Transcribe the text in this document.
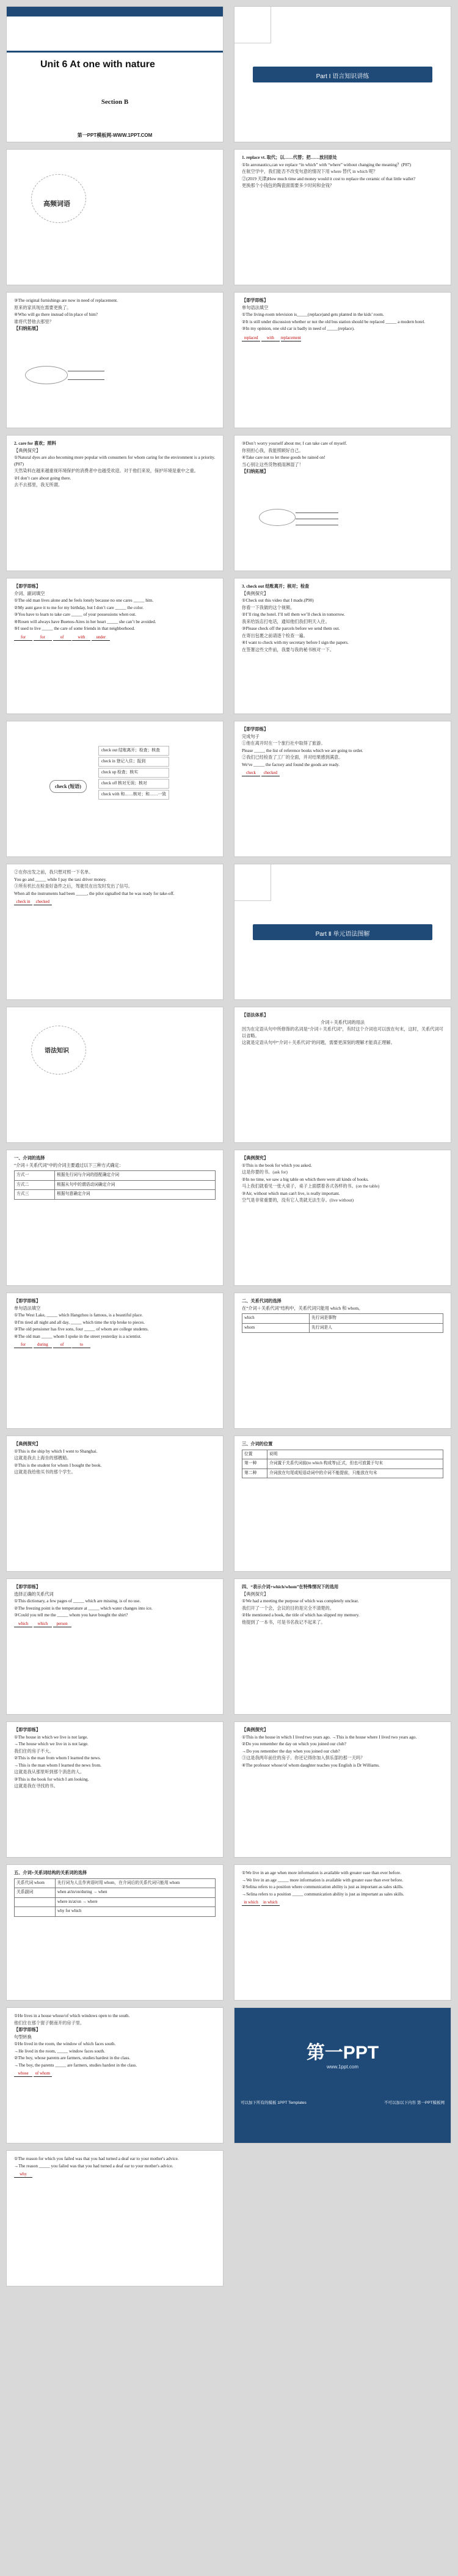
Unit 6 At one with nature
Section B
第一PPT模板网-WWW.1PPT.COM
Part Ⅰ 语言知识讲练
高频词语

1. replace vt. 取代；以……代替；把……放回原处

①In aeronautics,can we replace “in which” with “where” without changing the meaning？(P87)

在航空学中，我们能否不改变句意的情况下用 where 替代 in which 呢？

②(2019 天津)How much time and money would it cost to replace the ceramic of that little wallet?

更换那个小钱包的陶瓷面需要多少时间和金钱？

③The original furnishings are now in need of replacement.

原来的家具现在需要更换了。

④Who will go there instead of/in place of him?

谁将代替他去那里？

【归纳拓展】

【即学即练】

单句语法填空

①The living-room television is_____(replace)and gets planted in the kids’ room.

②It is still under discussion whether or not the old bus station should be replaced _____ a modern hotel.

③In my opinion, one old car is badly in need of _____(replace).

replaced with replacement

2. care for 喜欢；照料

【典例探究】

①Natural dyes are also becoming more popular with consumers for whom caring for the environment is a priority.(P87)

天然染料在越来越重视环境保护的消费者中也越受欢迎。对于他们来说，保护环境是重中之重。

②I don’t care about going there.

去不去那里，我无所谓。

③Don’t worry yourself about me; I can take care of myself.

你别担心我，我能照顾好自己。

④Take care not to let these goods be rained on!

当心别让这些货物被雨淋湿了！

【归纳拓展】

【即学即练】

介词、副词填空

①The old man lives alone and he feels lonely because no one cares _____ him.

②My aunt gave it to me for my birthday, but I don’t care _____ the color.

③You have to learn to take care _____ of your possessions when out.

④Rosen will always have Buenos-Aires in her heart _____ she can’t be avoided.

⑤I used to live _____ the care of some friends in that neighborhood.

for	for	of	with	under

3. check out 结账离开；核对；检查

【典例探究】

①Check out this video that I made.(P90)

你看一下我做的这个视频。

②I’ll ring the hotel. I’ll tell them we’ll check in tomorrow.

我来给饭店打电话，通知他们我们明天入住。

③Please check off the parcels before we send them out.

在寄出包裹之前请逐个检查一遍。

④I want to check with my secretary before I sign the papers.

在签署这些文件前，我要与我的秘书核对一下。

check (短语)
check out 结账离开；检查；核查
check in 登记入住；报到
check up 检查；核实
check off 核对无误；核对
check with 和……核对；和……一致

【即学即练】

完成句子

①他在离开时在一个旅行社中取得了旅游。

Please _____ the list of reference books which we are going to order.

②我们已经检查了工厂的全面，并对结果感到满意。

We've _____ the factory and found the goods are ready.

check checked

②在你出发之前，我只想对照一下名单。

You go and _____ while I pay the taxi driver money.

③所有机长在检查好备件之后，驾驶员在出发时发出了信号。

When all the instruments had been _____, the pilot signalled that he was ready for take-off.

check in checked

Part Ⅱ 单元语法图解
语法知识

【语法体系】

介词＋关系代词的用法

因为在定语从句中所修饰的名词是“介词＋关系代词”，有时这个介词也可以放在句末，这时，关系代词可以省略。

这就是定语从句中“介词＋关系代词”的问题，需要更深刻的理解才能真正理解。

一、介词的选择

“介词＋关系代词”中的介词主要通过以下三种方式确定：

方式一	根据先行词与介词的搭配确定介词
方式二	根据从句中的谓语动词确定介词
方式三	根据句意确定介词

【典例探究】

①This is the book for which you asked.

这是你要的书。(ask for)

②In no time, we saw a big table on which there were all kinds of books.

马上我们就看见一张大桌子，桌子上面摆着各式各样的书。(on the table)

③Air, without which man can't live, is really important.

空气是非常重要的，没有它人类就无法生存。(live without)

【即学即练】

单句语法填空

①The West Lake, _____ which Hangzhou is famous, is a beautiful place.

②I'm tired all night and all day, _____ which time the trip broke to pieces.

③The old pensioner has five sons, four _____ of whom are college students.

④The old man _____ whom I spoke in the street yesterday is a scientist.

for	during	of	to

二、关系代词的选择

在“介词＋关系代词”结构中，关系代词只能用 which 和 whom。

which	先行词是事物
whom	先行词是人

【典例探究】

①This is the ship by which I went to Shanghai.

这就是我去上海坐的那艘船。

②This is the student for whom I bought the book.

这就是我给他买书的那个学生。

三、介词的位置

位置	说明
第一种	介词置于关系代词前(to which 构成等)正式，但也可放置于句末
第二种	介词放在句尾或短语动词中的介词不能提前，只能放在句末

【即学即练】

选择正确的关系代词

①This dictionary, a few pages of _____ which are missing, is of no use.

②The freezing point is the temperature at _____ which water changes into ice.

③Could you tell me the _____ whom you have bought the shirt?

which which person

四、“表示介词+which/whom”在特殊情况下的选用

【典例探究】

①We had a meeting the purpose of which was completely unclear.

我们开了一个会，会议的目的是完全不清楚的。

②He mentioned a book, the title of which has slipped my memory.

他提到了一本书，可是书名我记不起来了。

【即学即练】

①The house in which we live is not large.

→The house which we live in is not large.

我们住的房子不大。

②This is the man from whom I learned the news.

→This is the man whom I learned the news from.

这就是我从那里听到那个消息的人。

③This is the book for which I am looking.

这就是我在寻找的书。

【典例探究】

①This is the house in which I lived two years ago. →This is the house where I lived two years ago.

②Do you remember the day on which you joined our club?

→Do you remember the day when you joined our club?

③这是我两年前住的房子。你还记得你加入俱乐部的那一天吗？

④The professor whose/of whom daughter teaches you English is Dr Williams.

五、介词+关系词结构的关系词的选择

关系代词 whom	先行词为人且作宾语时用 whom，在介词后的关系代词只能用 whom
关系副词	when at/in/on/during → when
	where in/at/on → where
	why for which

①We live in an age when more information is available with greater ease than ever before.

→We live in an age _____ more information is available with greater ease than ever before.

②Selina refers to a position where communication ability is just as important as sales skills.

→Selina refers to a position _____ communication ability is just as important as sales skills.

in which in which

①He lives in a house whose/of which windows open to the south.

他们住在那个窗子朝南开的房子里。

【即学即练】

句型转换

①He lived in the room, the window of which faces south.

→He lived in the room, _____ window faces south.

②The boy, whose parents are farmers, studies hardest in the class.

→The boy, the parents _____ are farmers, studies hardest in the class.

whose of whom

第一PPT
www.1ppt.com
可以加下所有的模板 1PPT Templates	不可以加以下内容 第一PPT模板网

①The reason for which you failed was that you had turned a deaf ear to your mother's advice.

→The reason _____ you failed was that you had turned a deaf ear to your mother's advice.

why
